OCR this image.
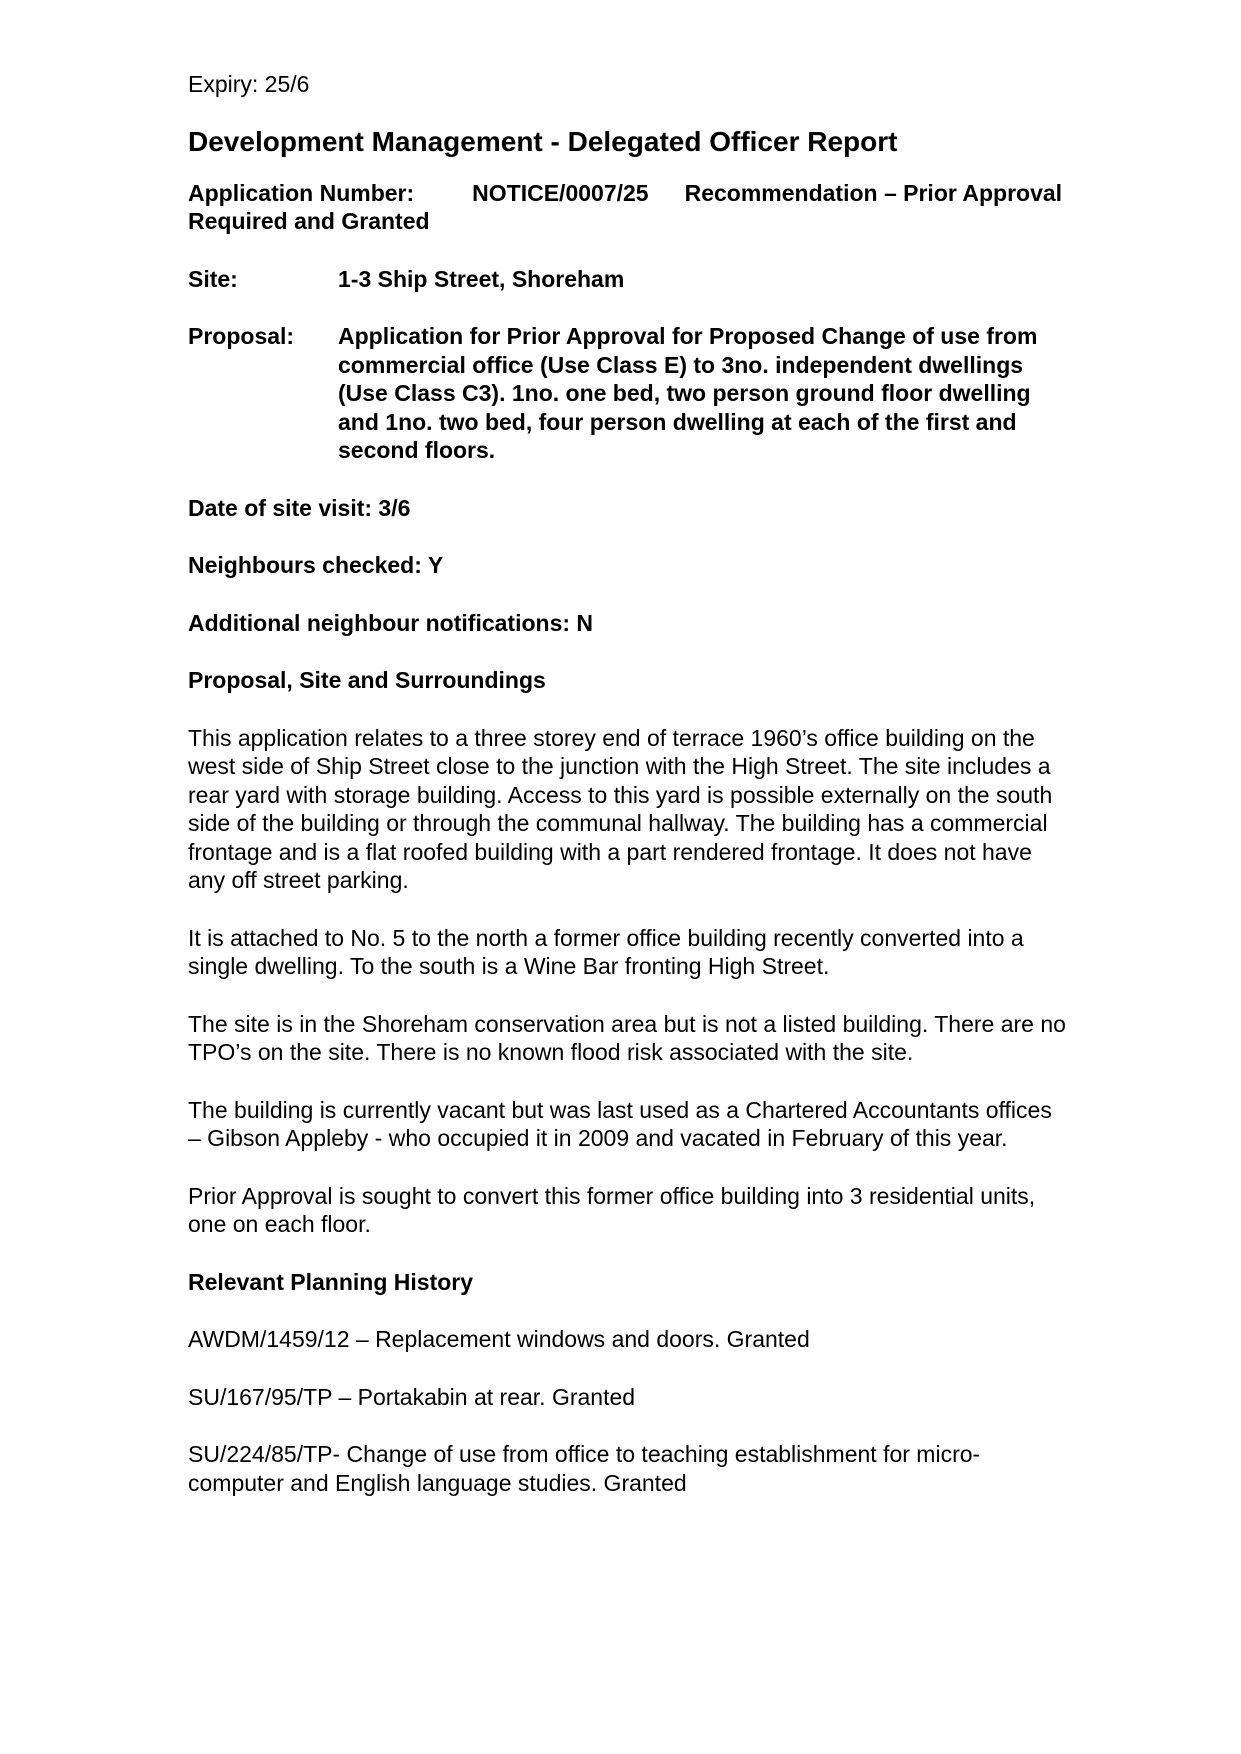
Expiry: 25/6
Development Management - Delegated Officer Report
Application Number:	NOTICE/0007/25 Recommendation – Prior Approval Required and Granted
Site:	1-3 Ship Street, Shoreham
Proposal:	Application for Prior Approval for Proposed Change of use from commercial office (Use Class E) to 3no. independent dwellings (Use Class C3). 1no. one bed, two person ground floor dwelling and 1no. two bed, four person dwelling at each of the first and second floors.
Date of site visit: 3/6
Neighbours checked: Y
Additional neighbour notifications: N
Proposal, Site and Surroundings
This application relates to a three storey end of terrace 1960’s office building on the west side of Ship Street close to the junction with the High Street. The site includes a rear yard with storage building. Access to this yard is possible externally on the south side of the building or through the communal hallway. The building has a commercial frontage and is a flat roofed building with a part rendered frontage. It does not have any off street parking.
It is attached to No. 5 to the north a former office building recently converted into a single dwelling. To the south is a Wine Bar fronting High Street.
The site is in the Shoreham conservation area but is not a listed building. There are no TPO’s on the site. There is no known flood risk associated with the site.
The building is currently vacant but was last used as a Chartered Accountants offices – Gibson Appleby - who occupied it in 2009 and vacated in February of this year.
Prior Approval is sought to convert this former office building into 3 residential units, one on each floor.
Relevant Planning History
AWDM/1459/12 – Replacement windows and doors. Granted
SU/167/95/TP – Portakabin at rear. Granted
SU/224/85/TP- Change of use from office to teaching establishment for micro-computer and English language studies. Granted
